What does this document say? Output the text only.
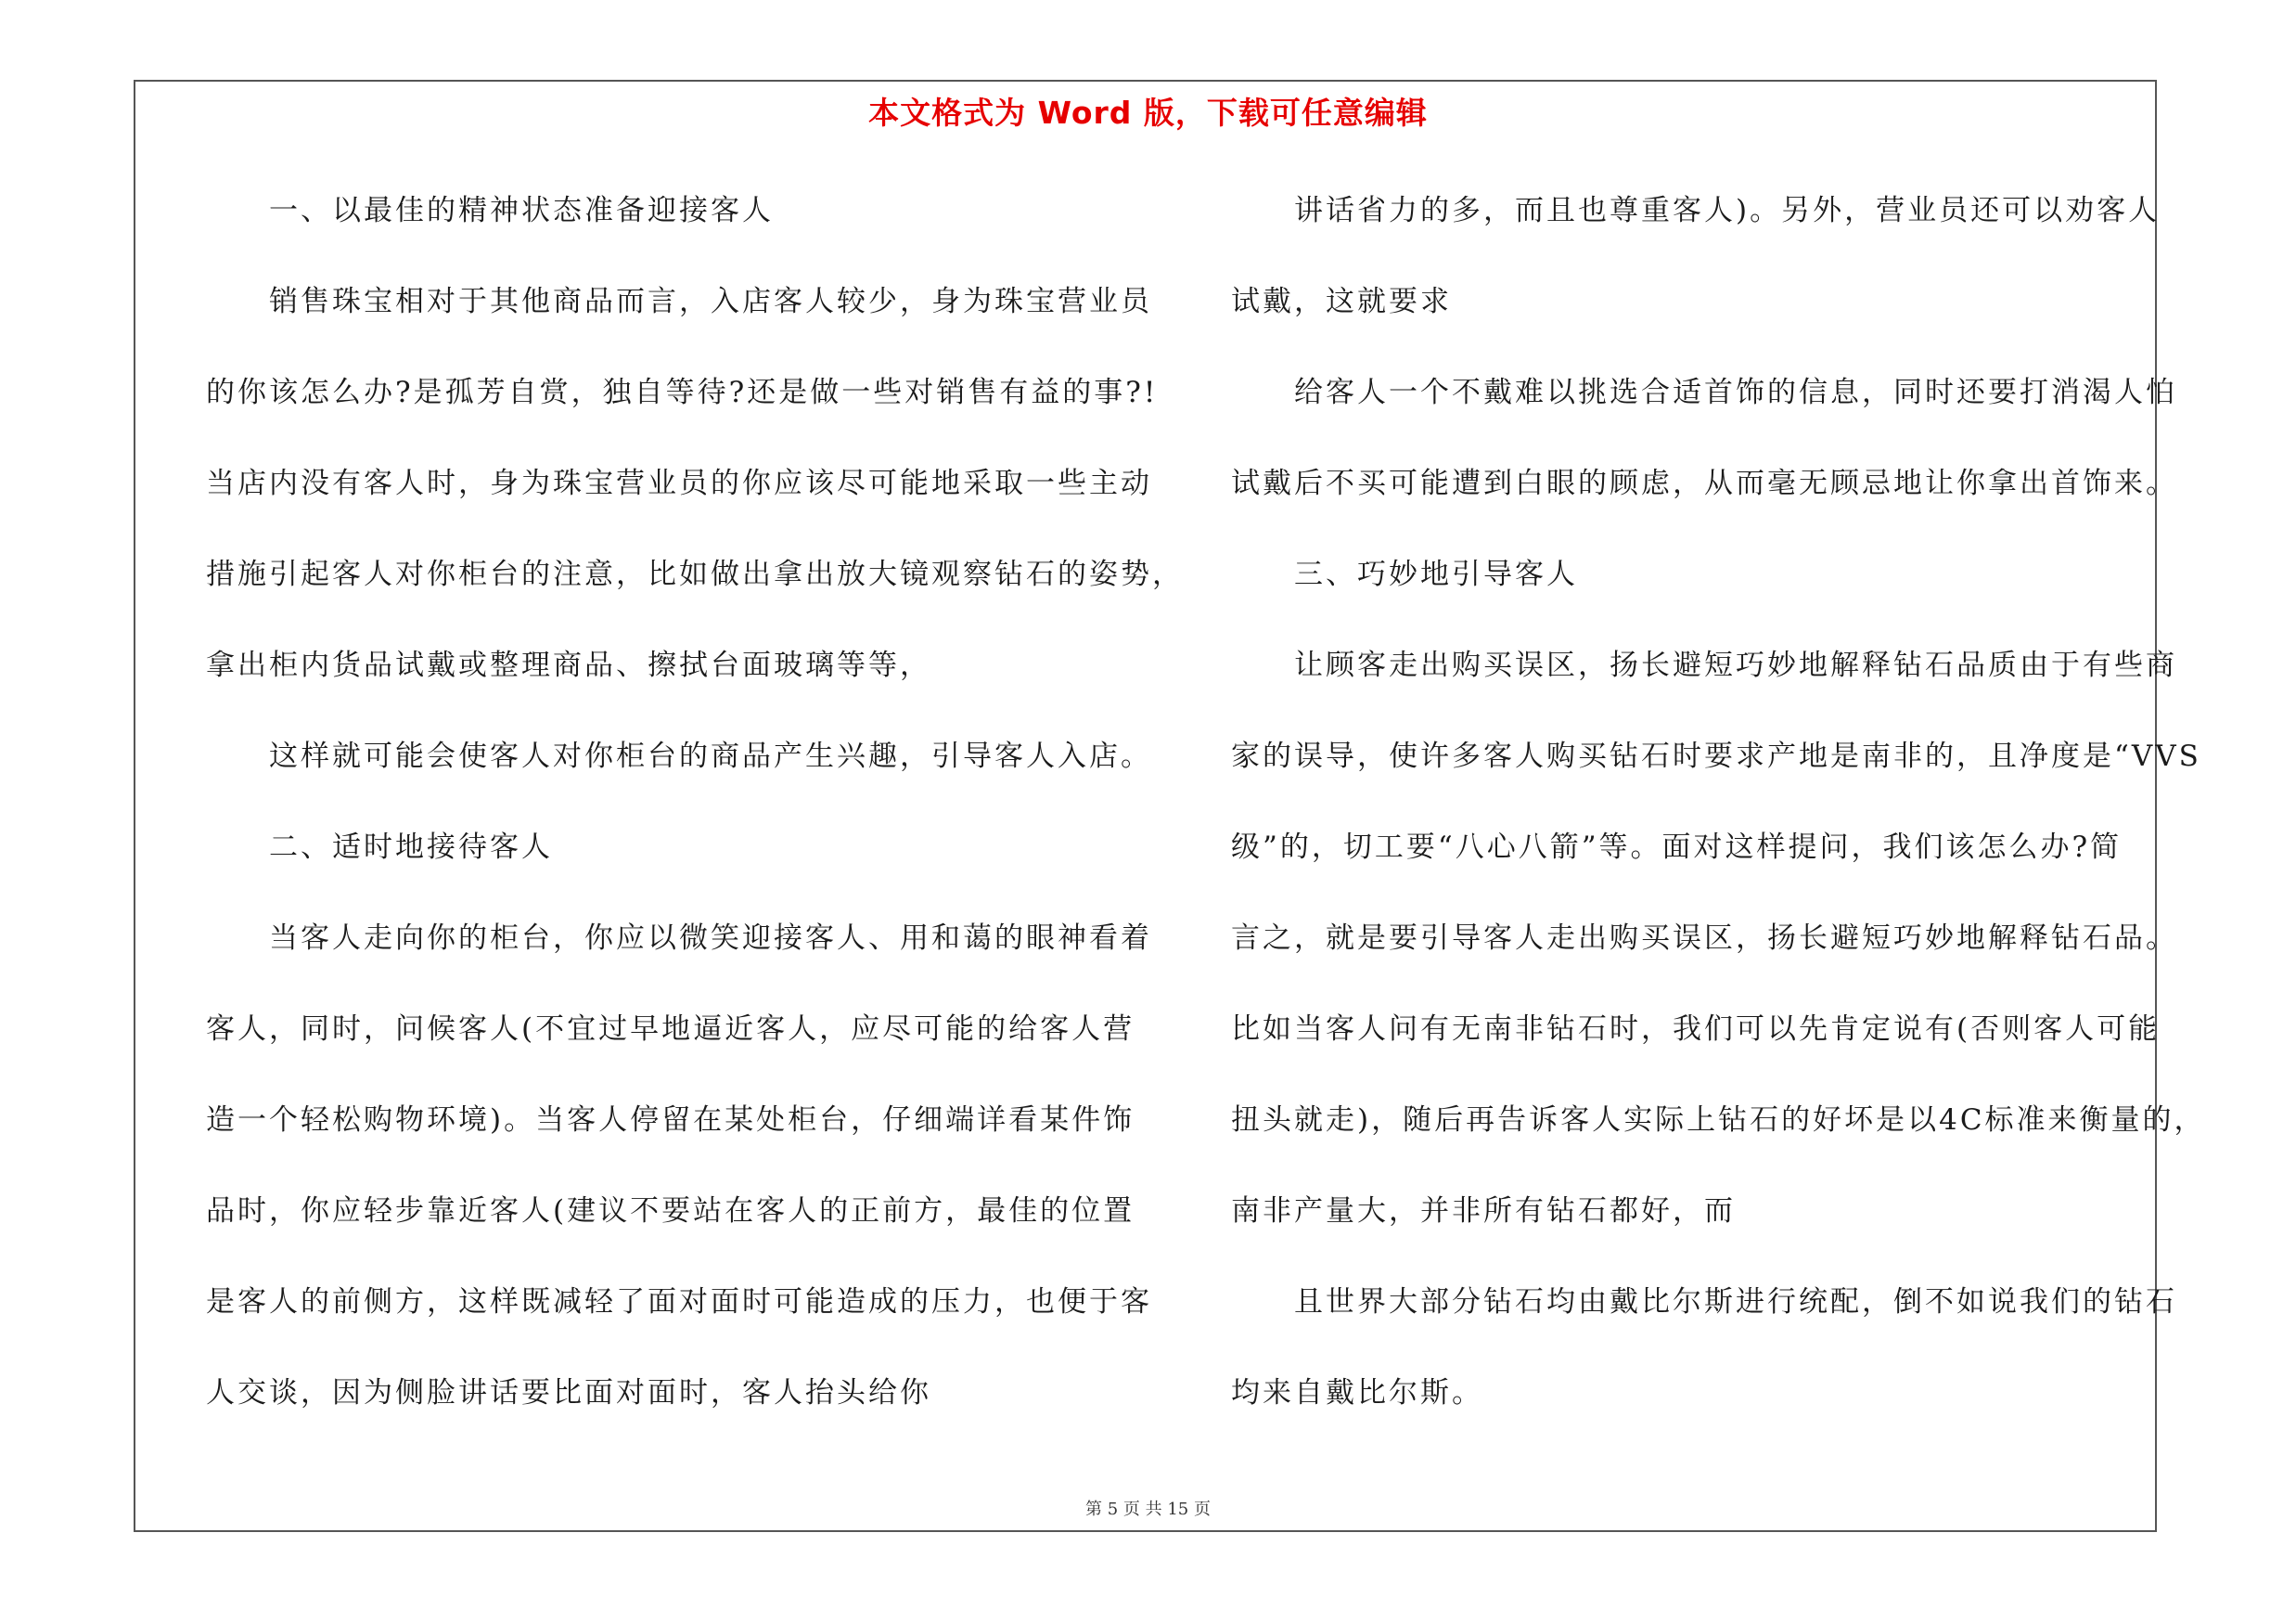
本文格式为 Word 版，下载可任意编辑
一、以最佳的精神状态准备迎接客人
销售珠宝相对于其他商品而言，入店客人较少，身为珠宝营业员
的你该怎么办?是孤芳自赏，独自等待?还是做一些对销售有益的事?!
当店内没有客人时，身为珠宝营业员的你应该尽可能地采取一些主动
措施引起客人对你柜台的注意，比如做出拿出放大镜观察钻石的姿势，
拿出柜内货品试戴或整理商品、擦拭台面玻璃等等，
这样就可能会使客人对你柜台的商品产生兴趣，引导客人入店。
二、适时地接待客人
当客人走向你的柜台，你应以微笑迎接客人、用和蔼的眼神看着
客人，同时，问候客人(不宜过早地逼近客人，应尽可能的给客人营
造一个轻松购物环境)。当客人停留在某处柜台，仔细端详看某件饰
品时，你应轻步靠近客人(建议不要站在客人的正前方，最佳的位置
是客人的前侧方，这样既减轻了面对面时可能造成的压力，也便于客
人交谈，因为侧脸讲话要比面对面时，客人抬头给你
讲话省力的多，而且也尊重客人)。另外，营业员还可以劝客人
试戴，这就要求
给客人一个不戴难以挑选合适首饰的信息，同时还要打消渴人怕
试戴后不买可能遭到白眼的顾虑，从而毫无顾忌地让你拿出首饰来。
三、巧妙地引导客人
让顾客走出购买误区，扬长避短巧妙地解释钻石品质由于有些商
家的误导，使许多客人购买钻石时要求产地是南非的，且净度是“VVS
级”的，切工要“八心八箭”等。面对这样提问，我们该怎么办?简
言之，就是要引导客人走出购买误区，扬长避短巧妙地解释钻石品。
比如当客人问有无南非钻石时，我们可以先肯定说有(否则客人可能
扭头就走)，随后再告诉客人实际上钻石的好坏是以4C标准来衡量的，
南非产量大，并非所有钻石都好，而
且世界大部分钻石均由戴比尔斯进行统配，倒不如说我们的钻石
均来自戴比尔斯。
第 5 页 共 15 页
